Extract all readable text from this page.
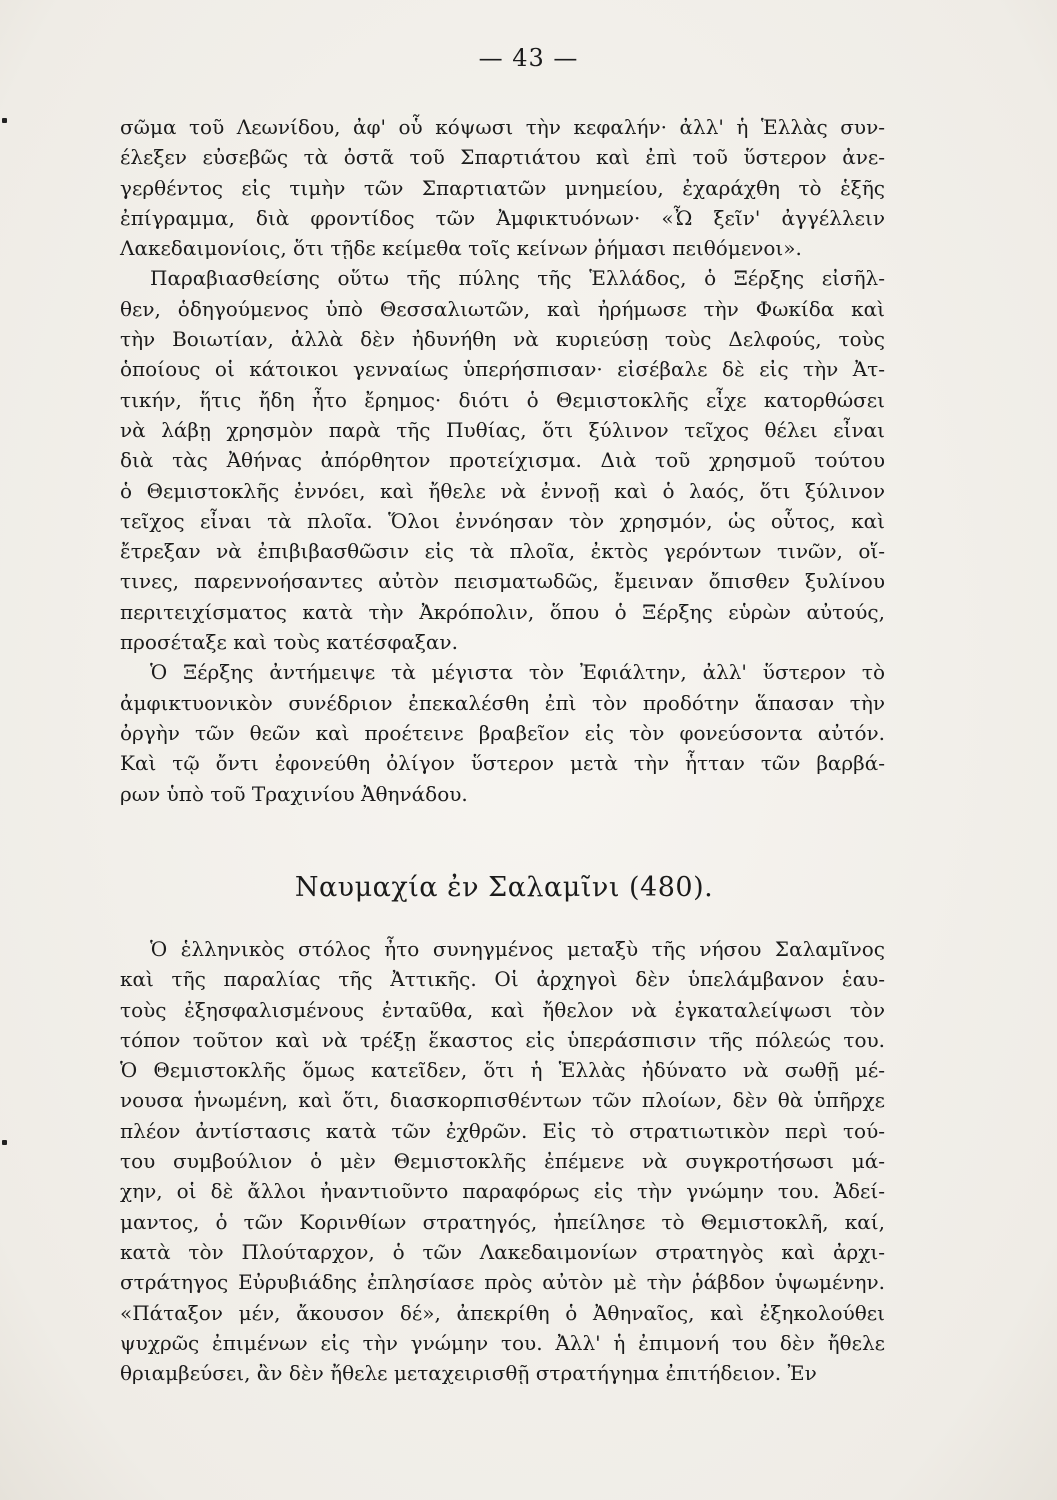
— 43 —
σῶμα τοῦ Λεωνίδου, ἀφ' οὗ κόψωσι τὴν κεφαλήν· ἀλλ' ἡ Ἑλλὰς συν-
έλεξεν εὐσεβῶς τὰ ὀστᾶ τοῦ Σπαρτιάτου καὶ ἐπὶ τοῦ ὕστερον ἀνε-
γερθέντος εἰς τιμὴν τῶν Σπαρτιατῶν μνημείου, ἐχαράχθη τὸ ἑξῆς
ἐπίγραμμα, διὰ φροντίδος τῶν Ἀμφικτυόνων· «Ὦ ξεῖν' ἀγγέλλειν
Λακεδαιμονίοις, ὅτι τῇδε κείμεθα τοῖς κείνων ῥήμασι πειθόμενοι».
Παραβιασθείσης οὕτω τῆς πύλης τῆς Ἑλλάδος, ὁ Ξέρξης εἰσῆλ-
θεν, ὁδηγούμενος ὑπὸ Θεσσαλιωτῶν, καὶ ἠρήμωσε τὴν Φωκίδα καὶ
τὴν Βοιωτίαν, ἀλλὰ δὲν ἠδυνήθη νὰ κυριεύσῃ τοὺς Δελφούς, τοὺς
ὁποίους οἱ κάτοικοι γενναίως ὑπερήσπισαν· εἰσέβαλε δὲ εἰς τὴν Ἀτ-
τικήν, ἥτις ἤδη ἦτο ἔρημος· διότι ὁ Θεμιστοκλῆς εἶχε κατορθώσει
νὰ λάβῃ χρησμὸν παρὰ τῆς Πυθίας, ὅτι ξύλινον τεῖχος θέλει εἶναι
διὰ τὰς Ἀθήνας ἀπόρθητον προτείχισμα. Διὰ τοῦ χρησμοῦ τούτου
ὁ Θεμιστοκλῆς ἐννόει, καὶ ἤθελε νὰ ἐννοῇ καὶ ὁ λαός, ὅτι ξύλινον
τεῖχος εἶναι τὰ πλοῖα. Ὅλοι ἐννόησαν τὸν χρησμόν, ὡς οὗτος, καὶ
ἔτρεξαν νὰ ἐπιβιβασθῶσιν εἰς τὰ πλοῖα, ἐκτὸς γερόντων τινῶν, οἵ-
τινες, παρεννοήσαντες αὐτὸν πεισματωδῶς, ἔμειναν ὄπισθεν ξυλίνου
περιτειχίσματος κατὰ τὴν Ἀκρόπολιν, ὅπου ὁ Ξέρξης εὑρὼν αὐτούς,
προσέταξε καὶ τοὺς κατέσφαξαν.
Ὁ Ξέρξης ἀντήμειψε τὰ μέγιστα τὸν Ἐφιάλτην, ἀλλ' ὕστερον τὸ
ἀμφικτυονικὸν συνέδριον ἐπεκαλέσθη ἐπὶ τὸν προδότην ἅπασαν τὴν
ὀργὴν τῶν θεῶν καὶ προέτεινε βραβεῖον εἰς τὸν φονεύσοντα αὐτόν.
Καὶ τῷ ὄντι ἐφονεύθη ὀλίγον ὕστερον μετὰ τὴν ἧτταν τῶν βαρβά-
ρων ὑπὸ τοῦ Τραχινίου Ἀθηνάδου.
Ναυμαχία ἐν Σαλαμῖνι (480).
Ὁ ἑλληνικὸς στόλος ἦτο συνηγμένος μεταξὺ τῆς νήσου Σαλαμῖνος
καὶ τῆς παραλίας τῆς Ἀττικῆς. Οἱ ἀρχηγοὶ δὲν ὑπελάμβανον ἑαυ-
τοὺς ἐξησφαλισμένους ἐνταῦθα, καὶ ἤθελον νὰ ἐγκαταλείψωσι τὸν
τόπον τοῦτον καὶ νὰ τρέξῃ ἕκαστος εἰς ὑπεράσπισιν τῆς πόλεώς του.
Ὁ Θεμιστοκλῆς ὅμως κατεῖδεν, ὅτι ἡ Ἑλλὰς ἠδύνατο νὰ σωθῇ μέ-
νουσα ἡνωμένη, καὶ ὅτι, διασκορπισθέντων τῶν πλοίων, δὲν θὰ ὑπῆρχε
πλέον ἀντίστασις κατὰ τῶν ἐχθρῶν. Εἰς τὸ στρατιωτικὸν περὶ τού-
του συμβούλιον ὁ μὲν Θεμιστοκλῆς ἐπέμενε νὰ συγκροτήσωσι μά-
χην, οἱ δὲ ἄλλοι ἠναντιοῦντο παραφόρως εἰς τὴν γνώμην του. Ἀδεί-
μαντος, ὁ τῶν Κορινθίων στρατηγός, ἠπείλησε τὸ Θεμιστοκλῆ, καί,
κατὰ τὸν Πλούταρχον, ὁ τῶν Λακεδαιμονίων στρατηγὸς καὶ ἀρχι-
στράτηγος Εὐρυβιάδης ἐπλησίασε πρὸς αὐτὸν μὲ τὴν ῥάβδον ὑψωμένην.
«Πάταξον μέν, ἄκουσον δέ», ἀπεκρίθη ὁ Ἀθηναῖος, καὶ ἐξηκολούθει
ψυχρῶς ἐπιμένων εἰς τὴν γνώμην του. Ἀλλ' ἡ ἐπιμονή του δὲν ἤθελε
θριαμβεύσει, ἂν δὲν ἤθελε μεταχειρισθῇ στρατήγημα ἐπιτήδειον. Ἐν
